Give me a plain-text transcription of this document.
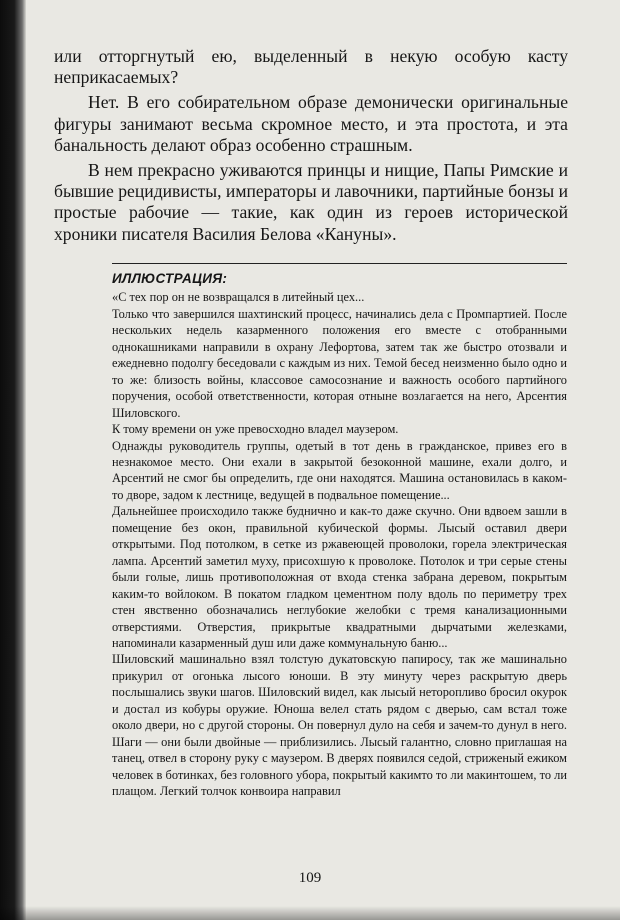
или отторгнутый ею, выделенный в некую особую касту неприкасаемых?

Нет. В его собирательном образе демонически оригинальные фигуры занимают весьма скромное место, и эта простота, и эта банальность делают образ особенно страшным.

В нем прекрасно уживаются принцы и нищие, Папы Римские и бывшие рецидивисты, императоры и лавочники, партийные бонзы и простые рабочие — такие, как один из героев исторической хроники писателя Василия Белова «Кануны».

ИЛЛЮСТРАЦИЯ:

«С тех пор он не возвращался в литейный цех...

Только что завершился шахтинский процесс, начинались дела с Промпартией. После нескольких недель казарменного положения его вместе с отобранными однокашниками направили в охрану Лефортова, затем так же быстро отозвали и ежедневно подолгу беседовали с каждым из них. Темой бесед неизменно было одно и то же: близость войны, классовое самосознание и важность особого партийного поручения, особой ответственности, которая отныне возлагается на него, Арсентия Шиловского.

К тому времени он уже превосходно владел маузером.

Однажды руководитель группы, одетый в тот день в гражданское, привез его в незнакомое место. Они ехали в закрытой безоконной машине, ехали долго, и Арсентий не смог бы определить, где они находятся. Машина остановилась в каком-то дворе, задом к лестнице, ведущей в подвальное помещение...

Дальнейшее происходило также буднично и как-то даже скучно. Они вдвоем зашли в помещение без окон, правильной кубической формы. Лысый оставил двери открытыми. Под потолком, в сетке из ржавеющей проволоки, горела электрическая лампа. Арсентий заметил муху, присохшую к проволоке. Потолок и три серые стены были голые, лишь противоположная от входа стенка забрана деревом, покрытым каким-то войлоком. В покатом гладком цементном полу вдоль по периметру трех стен явственно обозначались неглубокие желобки с тремя канализационными отверстиями. Отверстия, прикрытые квадратными дырчатыми железками, напоминали казарменный душ или даже коммунальную баню...

Шиловский машинально взял толстую дукатовскую папиросу, так же машинально прикурил от огонька лысого юноши. В эту минуту через раскрытую дверь послышались звуки шагов. Шиловский видел, как лысый неторопливо бросил окурок и достал из кобуры оружие. Юноша велел стать рядом с дверью, сам встал тоже около двери, но с другой стороны. Он повернул дуло на себя и зачем-то дунул в него. Шаги — они были двойные — приблизились. Лысый галантно, словно приглашая на танец, отвел в сторону руку с маузером. В дверях появился седой, стриженый ежиком человек в ботинках, без головного убора, покрытый какимто то ли макинтошем, то ли плащом. Легкий толчок конвоира направил

109
